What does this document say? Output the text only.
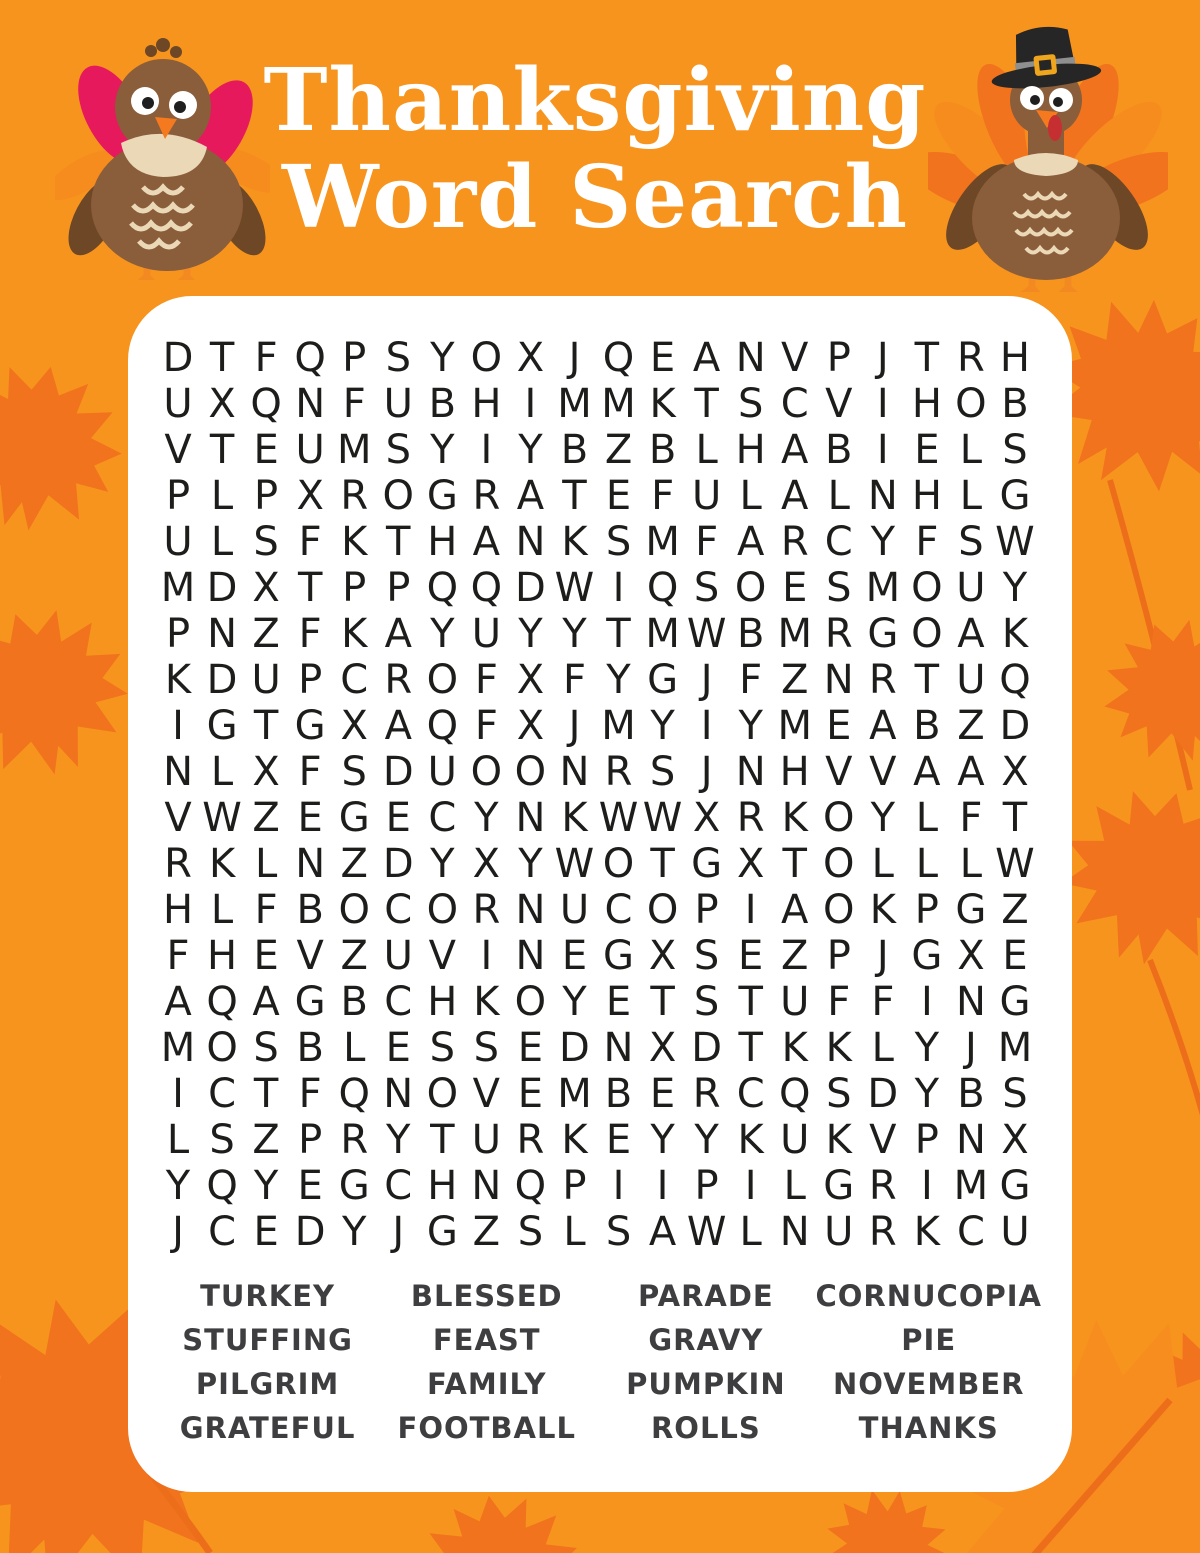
Thanksgiving
Word Search
D T F Q P S Y O X J Q E A N V P J T R H
U X Q N F U B H I M M K T S C V I H O B
V T E U M S Y I Y B Z B L H A B I E L S
P L P X R O G R A T E F U L A L N H L G
U L S F K T H A N K S M F A R C Y F S W
M D X T P P Q Q D W I Q S O E S M O U Y
P N Z F K A Y U Y Y T M W B M R G O A K
K D U P C R O F X F Y G J F Z N R T U Q
I G T G X A Q F X J M Y I Y M E A B Z D
N L X F S D U O O N R S J N H V V A A X
V W Z E G E C Y N K W W X R K O Y L F T
R K L N Z D Y X Y W O T G X T O L L L W
H L F B O C O R N U C O P I A O K P G Z
F H E V Z U V I N E G X S E Z P J G X E
A Q A G B C H K O Y E T S T U F F I N G
M O S B L E S S E D N X D T K K L Y J M
I C T F Q N O V E M B E R C Q S D Y B S
L S Z P R Y T U R K E Y Y K U K V P N X
Y Q Y E G C H N Q P I I P I L G R I M G
J C E D Y J G Z S L S A W L N U R K C U
TURKEY
STUFFING
PILGRIM
GRATEFUL
BLESSED
FEAST
FAMILY
FOOTBALL
PARADE
GRAVY
PUMPKIN
ROLLS
CORNUCOPIA
PIE
NOVEMBER
THANKS
